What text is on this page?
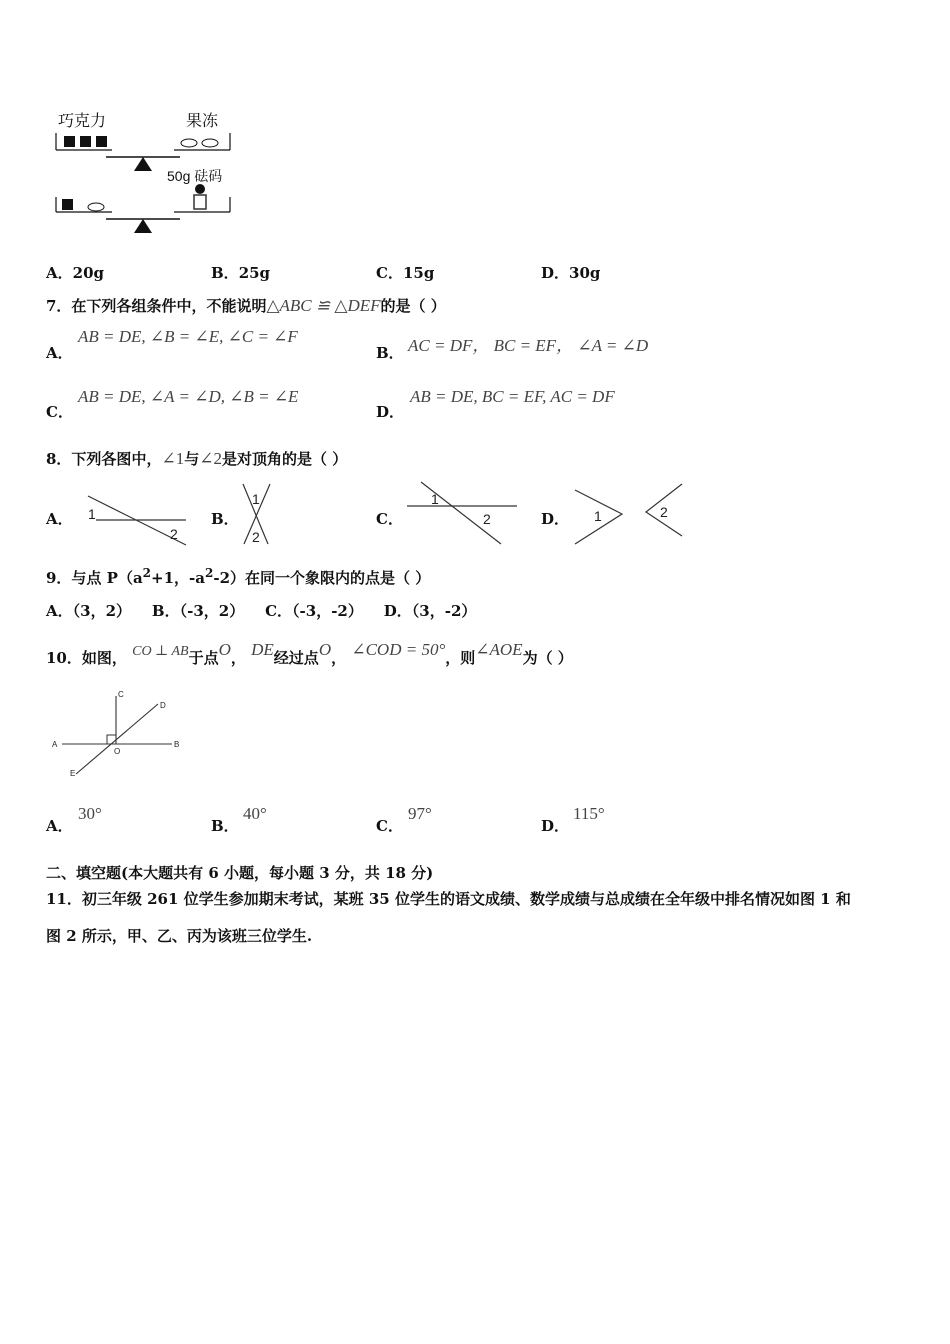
巧克力	果冻
50g 砝码
A．20g	B．25g	C．15g	D．30g
7．在下列各组条件中，不能说明△ABC ≌ △DEF的是（ ）
A．
AB = DE, ∠B = ∠E, ∠C = ∠F
B． AC = DF， BC = EF， ∠A = ∠D
C．
AB = DE, ∠A = ∠D, ∠B = ∠E
D．
AB = DE, BC = EF, AC = DF
8．下列各图中，∠1与∠2是对顶角的是（ ）
A． 1
2
B．
1
2
C．
1
2	D． 1	2
9．与点 $P(a^2+1$，$-a^2-2$）在同一个象限内的点是（ ）
A．（3，2） B．（-3，2） C．（-3，-2） D．（3，-2）
10．如图， CO ⊥ AB于点O， DE经过点O， ∠COD = 50°，则∠AOE为（ ）
C
D
A	B
O
E
A．
30°
B．
40°
C．
97°
D．
115°
二、填空题(本大题共有 6 小题，每小题 3 分，共 18 分)
11．初三年级 261 位学生参加期末考试，某班 35 位学生的语文成绩、数学成绩与总成绩在全年级中排名情况如图 1 和
图 2 所示，甲、乙、丙为该班三位学生.
